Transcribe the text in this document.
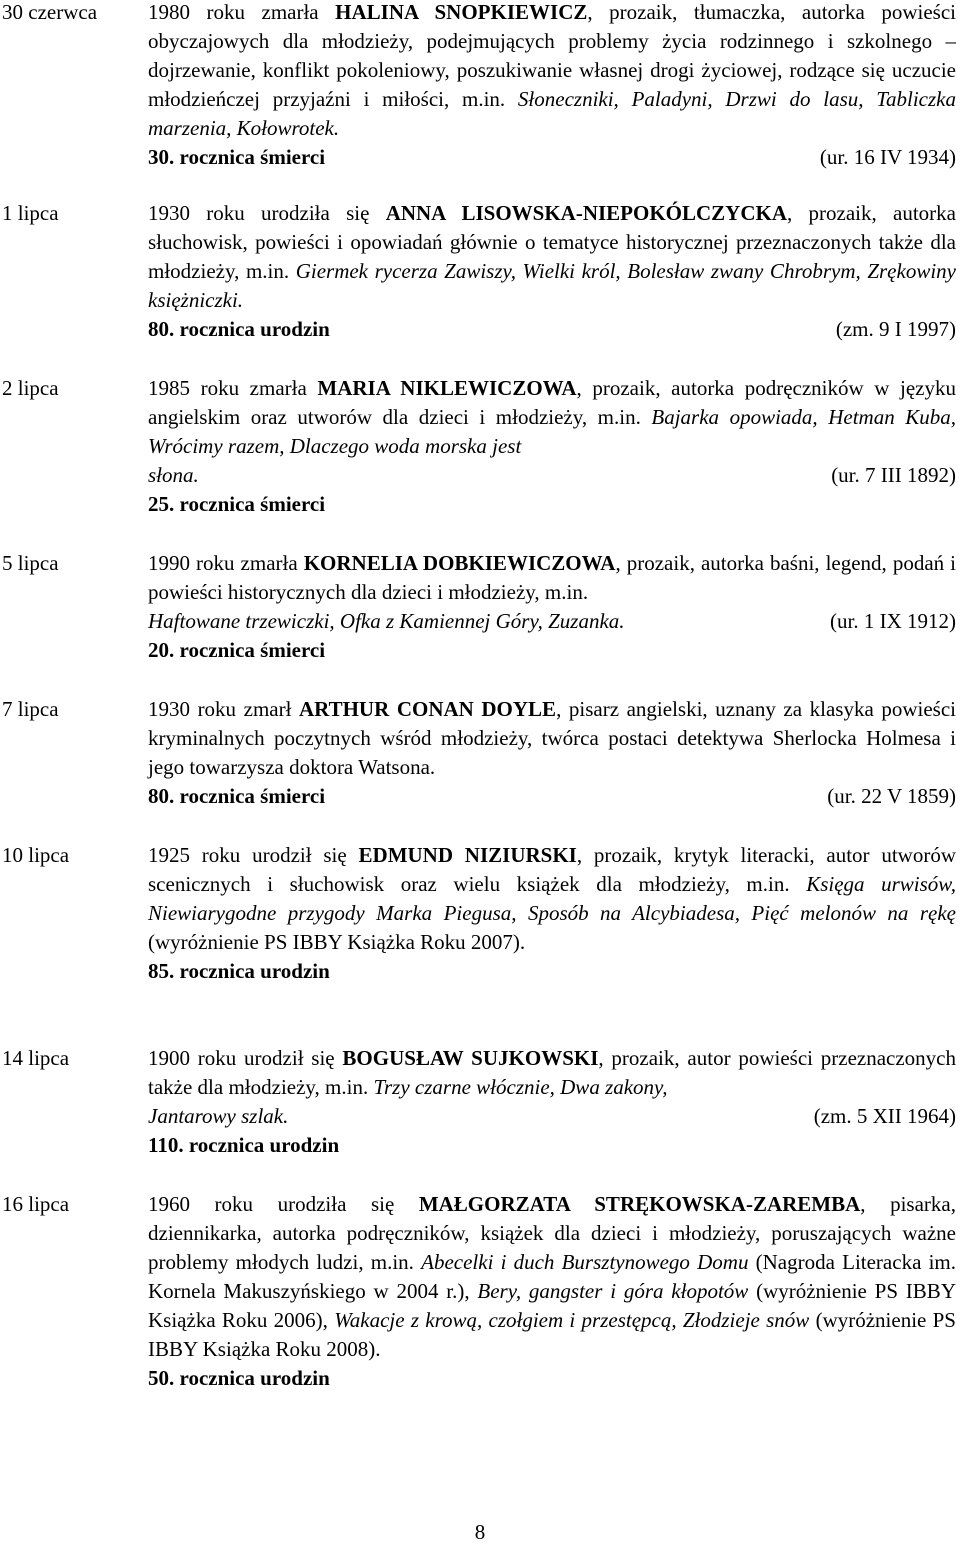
30 czerwca 1980 roku zmarła HALINA SNOPKIEWICZ, prozaik, tłumaczka, autorka powieści obyczajowych dla młodzieży, podejmujących problemy życia rodzinnego i szkolnego – dojrzewanie, konflikt pokoleniowy, poszukiwanie własnej drogi życiowej, rodzące się uczucie młodzieńczej przyjaźni i miłości, m.in. Słoneczniki, Paladyni, Drzwi do lasu, Tabliczka marzenia, Kołowrotek.

30. rocznica śmierci	(ur. 16 IV 1934)
1 lipca	1930 roku urodziła się ANNA LISOWSKA-NIEPOKÓLCZYCKA, prozaik, autorka słuchowisk, powieści i opowiadań głównie o tematyce historycznej przeznaczonych także dla młodzieży, m.in. Giermek rycerza Zawiszy, Wielki król, Bolesław zwany Chrobrym, Zrękowiny księżniczki.

80. rocznica urodzin	(zm. 9 I 1997)
2 lipca	1985 roku zmarła MARIA NIKLEWICZOWA, prozaik, autorka podręczników w języku angielskim oraz utworów dla dzieci i młodzieży, m.in. Bajarka opowiada, Hetman Kuba, Wrócimy razem, Dlaczego woda morska jest

słona.	(ur. 7 III 1892)
25. rocznica śmierci
5 lipca	1990 roku zmarła KORNELIA DOBKIEWICZOWA, prozaik, autorka baśni, legend, podań i powieści historycznych dla dzieci i młodzieży, m.in.

Haftowane trzewiczki, Ofka z Kamiennej Góry, Zuzanka.	(ur. 1 IX 1912)
20. rocznica śmierci
7 lipca	1930 roku zmarł ARTHUR CONAN DOYLE, pisarz angielski, uznany za klasyka powieści kryminalnych poczytnych wśród młodzieży, twórca postaci detektywa Sherlocka Holmesa i jego towarzysza doktora Watsona.

80. rocznica śmierci	(ur. 22 V 1859)
10 lipca	1925 roku urodził się EDMUND NIZIURSKI, prozaik, krytyk literacki, autor utworów scenicznych i słuchowisk oraz wielu książek dla młodzieży, m.in. Księga urwisów, Niewiarygodne przygody Marka Piegusa, Sposób na Alcybiadesa, Pięć melonów na rękę (wyróżnienie PS IBBY Książka Roku 2007).

85. rocznica urodzin
14 lipca	1900 roku urodził się BOGUSŁAW SUJKOWSKI, prozaik, autor powieści przeznaczonych także dla młodzieży, m.in. Trzy czarne włócznie, Dwa zakony,

Jantarowy szlak.	(zm. 5 XII 1964)
110. rocznica urodzin
16 lipca	1960 roku urodziła się MAŁGORZATA STRĘKOWSKA-ZAREMBA, pisarka, dziennikarka, autorka podręczników, książek dla dzieci i młodzieży, poruszających ważne problemy młodych ludzi, m.in. Abecelki i duch Bursztynowego Domu (Nagroda Literacka im. Kornela Makuszyńskiego w 2004 r.), Bery, gangster i góra kłopotów (wyróżnienie PS IBBY Książka Roku 2006), Wakacje z krową, czołgiem i przestępcą, Złodzieje snów (wyróżnienie PS IBBY Książka Roku 2008).

50. rocznica urodzin
8
